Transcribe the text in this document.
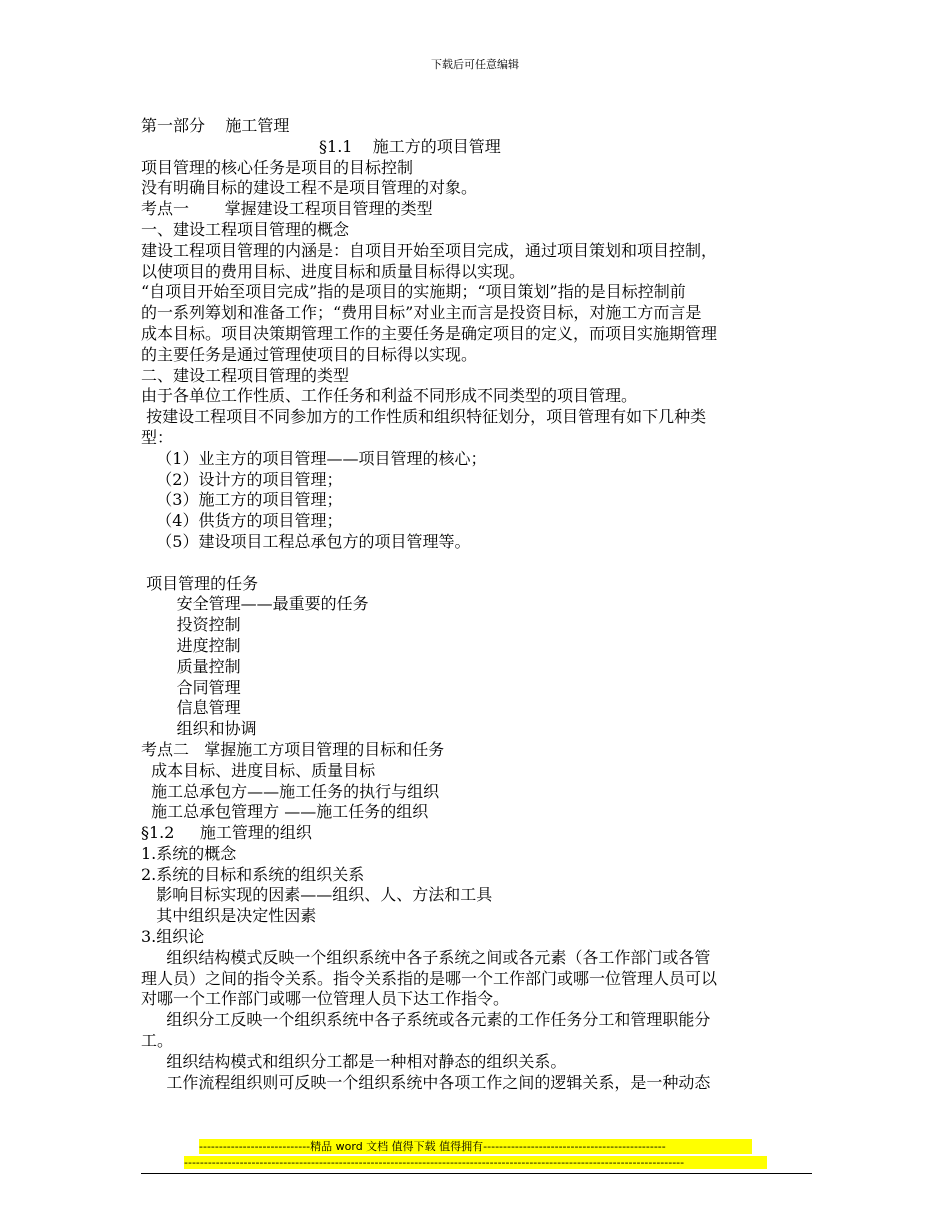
下载后可任意编辑
第一部分    施工管理
§1.1    施工方的项目管理
项目管理的核心任务是项目的目标控制
没有明确目标的建设工程不是项目管理的对象。
考点一       掌握建设工程项目管理的类型
一、建设工程项目管理的概念
建设工程项目管理的内涵是：自项目开始至项目完成，通过项目策划和项目控制，
以使项目的费用目标、进度目标和质量目标得以实现。
“自项目开始至项目完成”指的是项目的实施期；“项目策划”指的是目标控制前
的一系列筹划和准备工作；“费用目标”对业主而言是投资目标，对施工方而言是
成本目标。项目决策期管理工作的主要任务是确定项目的定义，而项目实施期管理
的主要任务是通过管理使项目的目标得以实现。
二、建设工程项目管理的类型
由于各单位工作性质、工作任务和利益不同形成不同类型的项目管理。
按建设工程项目不同参加方的工作性质和组织特征划分，项目管理有如下几种类
型：
（1）业主方的项目管理——项目管理的核心；
（2）设计方的项目管理；
（3）施工方的项目管理；
（4）供货方的项目管理；
（5）建设项目工程总承包方的项目管理等。
项目管理的任务
安全管理——最重要的任务
投资控制
进度控制
质量控制
合同管理
信息管理
组织和协调
考点二   掌握施工方项目管理的目标和任务
成本目标、进度目标、质量目标
施工总承包方——施工任务的执行与组织
施工总承包管理方 ——施工任务的组织
§1.2     施工管理的组织
1.系统的概念
2.系统的目标和系统的组织关系
影响目标实现的因素——组织、人、方法和工具
其中组织是决定性因素
3.组织论
组织结构模式反映一个组织系统中各子系统之间或各元素（各工作部门或各管
理人员）之间的指令关系。指令关系指的是哪一个工作部门或哪一位管理人员可以
对哪一个工作部门或哪一位管理人员下达工作指令。
组织分工反映一个组织系统中各子系统或各元素的工作任务分工和管理职能分
工。
组织结构模式和组织分工都是一种相对静态的组织关系。
工作流程组织则可反映一个组织系统中各项工作之间的逻辑关系，是一种动态
----------------------------精品 word 文档 值得下载 值得拥有----------------------------------------------
------------------------------------------------------------------------------------------------------------------------------
